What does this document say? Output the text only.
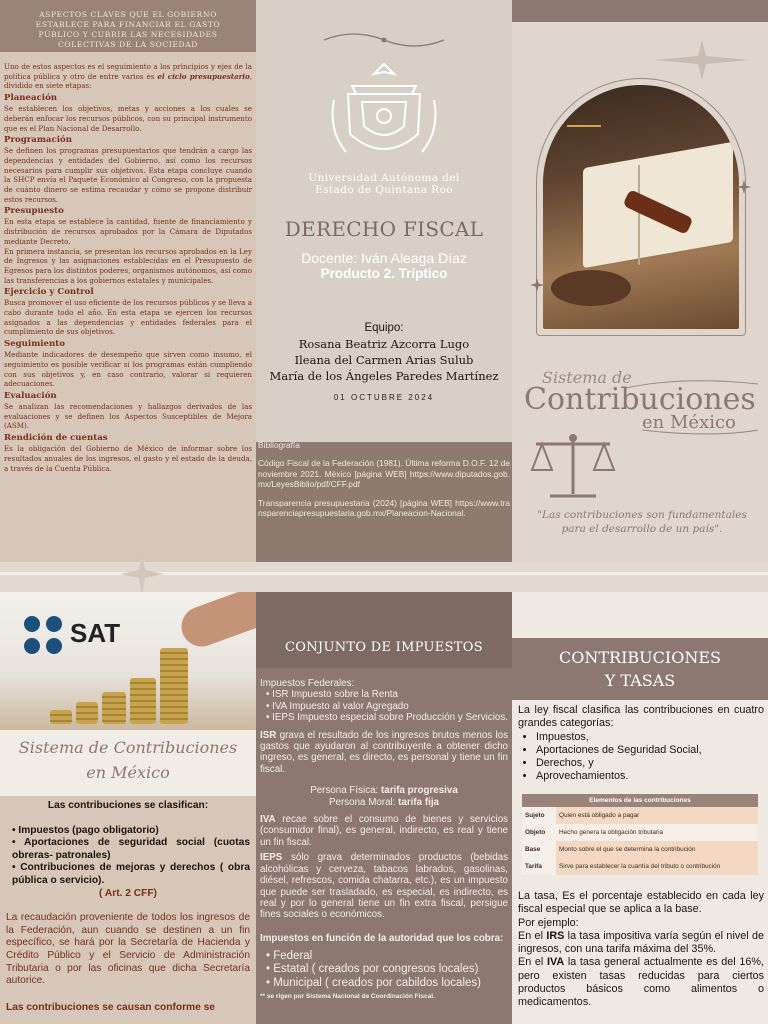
ASPECTOS CLAVES QUE EL GOBIERNO ESTABLECE PARA FINANCIAR EL GASTO PÚBLICO Y CUBRIR LAS NECESIDADES COLECTIVAS DE LA SOCIEDAD

Uno de estos aspectos es el seguimiento a los principios y ejes de la política pública y otro de entre varios es el ciclo presupuestario, dividido en siete etapas:

Planeación

Se establecen los objetivos, metas y acciones a los cuales se deberán enfocar los recursos públicos, con su principal instrumento que es el Plan Nacional de Desarrollo.

Programación

Se definen los programas presupuestarios que tendrán a cargo las dependencias y entidades del Gobierno, así como los recursos necesarios para cumplir sus objetivos. Esta etapa concluye cuando la SHCP envía el Paquete Económico al Congreso, con la propuesta de cuánto dinero se estima recaudar y cómo se propone distribuir estos recursos.

Presupuesto

En esta etapa se establece la cantidad, fuente de financiamiento y distribución de recursos aprobados por la Cámara de Diputados mediante Decreto.

En primera instancia, se presentan los recursos aprobados en la Ley de Ingresos y las asignaciones establecidas en el Presupuesto de Egresos para los distintos poderes, organismos autónomos, así como las transferencias a los gobiernos estatales y municipales.

Ejercicio y Control

Busca promover el uso eficiente de los recursos públicos y se lleva a cabo durante todo el año. En esta etapa se ejercen los recursos asignados a las dependencias y entidades federales para el cumplimiento de sus objetivos.

Seguimiento

Mediante indicadores de desempeño que sirven como insumo, el seguimiento es posible verificar si los programas están cumpliendo con sus objetivos y, en caso contrario, valorar si requieren adecuaciones.

Evaluación

Se analizan las recomendaciones y hallazgos derivados de las evaluaciones y se definen los Aspectos Susceptibles de Mejora (ASM).

Rendición de cuentas

Es la obligación del Gobierno de México de informar sobre los resultados anuales de los ingresos, el gasto y el estado de la deuda, a través de la Cuenta Pública.

Universidad Autónoma del
Estado de Quintana Roo
DERECHO FISCAL
Docente: Iván Aleaga Díaz
Producto 2. Tríptico
Equipo:
Rosana Beatriz Azcorra Lugo
Ileana del Carmen Arias Sulub
María de los Ángeles Paredes Martínez
01 OCTUBRE 2024
Bibliografía
Código Fiscal de la Federación (1981). Última reforma D.O.F. 12 de noviembre 2021. México [página WEB] https://www.diputados.gob.mx/LeyesBiblio/pdf/CFF.pdf
Transparencia presupuestaria (2024) [página WEB] https://www.transparenciapresupuestaria.gob.mx/Planeacion-Nacional.
Sistema de
Contribuciones
en México
"Las contribuciones son fundamentales para el desarrollo de un país".
SAT
Sistema de Contribuciones
en México
Las contribuciones se clasifican:
• Impuestos (pago obligatorio)
• Aportaciones de seguridad social (cuotas obreras- patronales)
• Contribuciones de mejoras y derechos ( obra pública o servicio).
( Art. 2 CFF)

La recaudación proveniente de todos los ingresos de la Federación, aun cuando se destinen a un fin específico, se hará por la Secretaría de Hacienda y Crédito Público y el Servicio de Administración Tributaria o por las oficinas que dicha Secretaría autorice.

Las contribuciones se causan conforme se

CONJUNTO DE IMPUESTOS
Impuestos Federales:
• ISR Impuesto sobre la Renta
• IVA Impuesto al valor Agregado
• IEPS Impuesto especial sobre Producción y Servicios.

ISR grava el resultado de los ingresos brutos menos los gastos que ayudaron al contribuyente a obtener dicho ingreso, es general, es directo, es personal y tiene un fin fiscal.

Persona Física: tarifa progresiva
Persona Moral: tarifa fija

IVA recae sobre el consumo de bienes y servicios (consumidor final), es general, indirecto, es real y tiene un fin fiscal.

IEPS sólo grava determinados productos (bebidas alcohólicas y cerveza, tabacos labrados, gasolinas, diésel, refrescos, comida chatarra, etc.), es un impuesto que puede ser trasladado, es especial, es indirecto, es real y por lo general tiene un fin extra fiscal, persigue fines sociales o económicos.

Impuestos en función de la autoridad que los cobra:
• Federal
• Estatal ( creados por congresos locales)
• Municipal ( creados por cabildos locales)
** se rigen por Sistema Nacional de Coordinación Fiscal.
CONTRIBUCIONES
Y TASAS

La ley fiscal clasifica las contribuciones en cuatro grandes categorías:

• Impuestos,
• Aportaciones de Seguridad Social,
• Derechos, y
• Aprovechamientos.
Elementos de las contribuciones	
Sujeto	Quien está obligado a pagar
Objeto	Hecho genera la obligación tributaria
Base	Monto sobre el que se determina la contribución
Tarifa	Sirve para establecer la cuantía del tributo o contribución

La tasa, Es el porcentaje establecido en cada ley fiscal especial que se aplica a la base.

Por ejemplo:

En el IRS la tasa impositiva varía según el nivel de ingresos, con una tarifa máxima del 35%.

En el IVA la tasa general actualmente es del 16%, pero existen tasas reducidas para ciertos productos básicos como alimentos o medicamentos.
